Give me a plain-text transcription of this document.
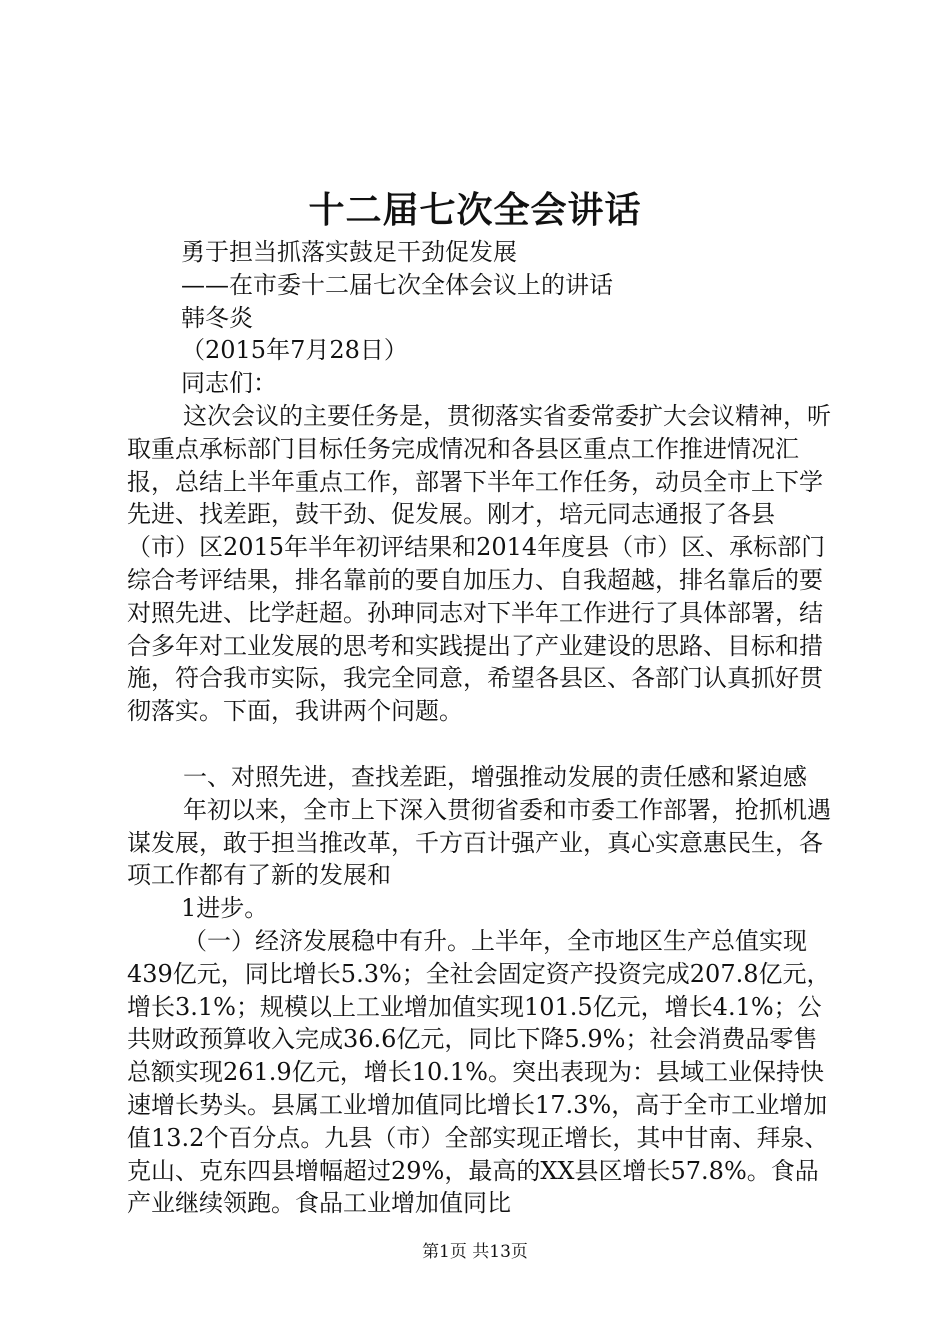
十二届七次全会讲话
勇于担当抓落实鼓足干劲促发展
——在市委十二届七次全体会议上的讲话
韩冬炎
（2015年7月28日）
同志们：
这次会议的主要任务是，贯彻落实省委常委扩大会议精神，听取重点承标部门目标任务完成情况和各县区重点工作推进情况汇报，总结上半年重点工作，部署下半年工作任务，动员全市上下学先进、找差距，鼓干劲、促发展。刚才，培元同志通报了各县（市）区2015年半年初评结果和2014年度县（市）区、承标部门综合考评结果，排名靠前的要自加压力、自我超越，排名靠后的要对照先进、比学赶超。孙珅同志对下半年工作进行了具体部署，结合多年对工业发展的思考和实践提出了产业建设的思路、目标和措施，符合我市实际，我完全同意，希望各县区、各部门认真抓好贯彻落实。下面，我讲两个问题。
一、对照先进，查找差距，增强推动发展的责任感和紧迫感
年初以来，全市上下深入贯彻省委和市委工作部署，抢抓机遇谋发展，敢于担当推改革，千方百计强产业，真心实意惠民生，各项工作都有了新的发展和
1进步。
（一）经济发展稳中有升。上半年，全市地区生产总值实现439亿元，同比增长5.3%；全社会固定资产投资完成207.8亿元，增长3.1%；规模以上工业增加值实现101.5亿元，增长4.1%；公共财政预算收入完成36.6亿元，同比下降5.9%；社会消费品零售总额实现261.9亿元，增长10.1%。突出表现为：县域工业保持快速增长势头。县属工业增加值同比增长17.3%，高于全市工业增加值13.2个百分点。九县（市）全部实现正增长，其中甘南、拜泉、克山、克东四县增幅超过29%，最高的XX县区增长57.8%。食品产业继续领跑。食品工业增加值同比
第1页 共13页
